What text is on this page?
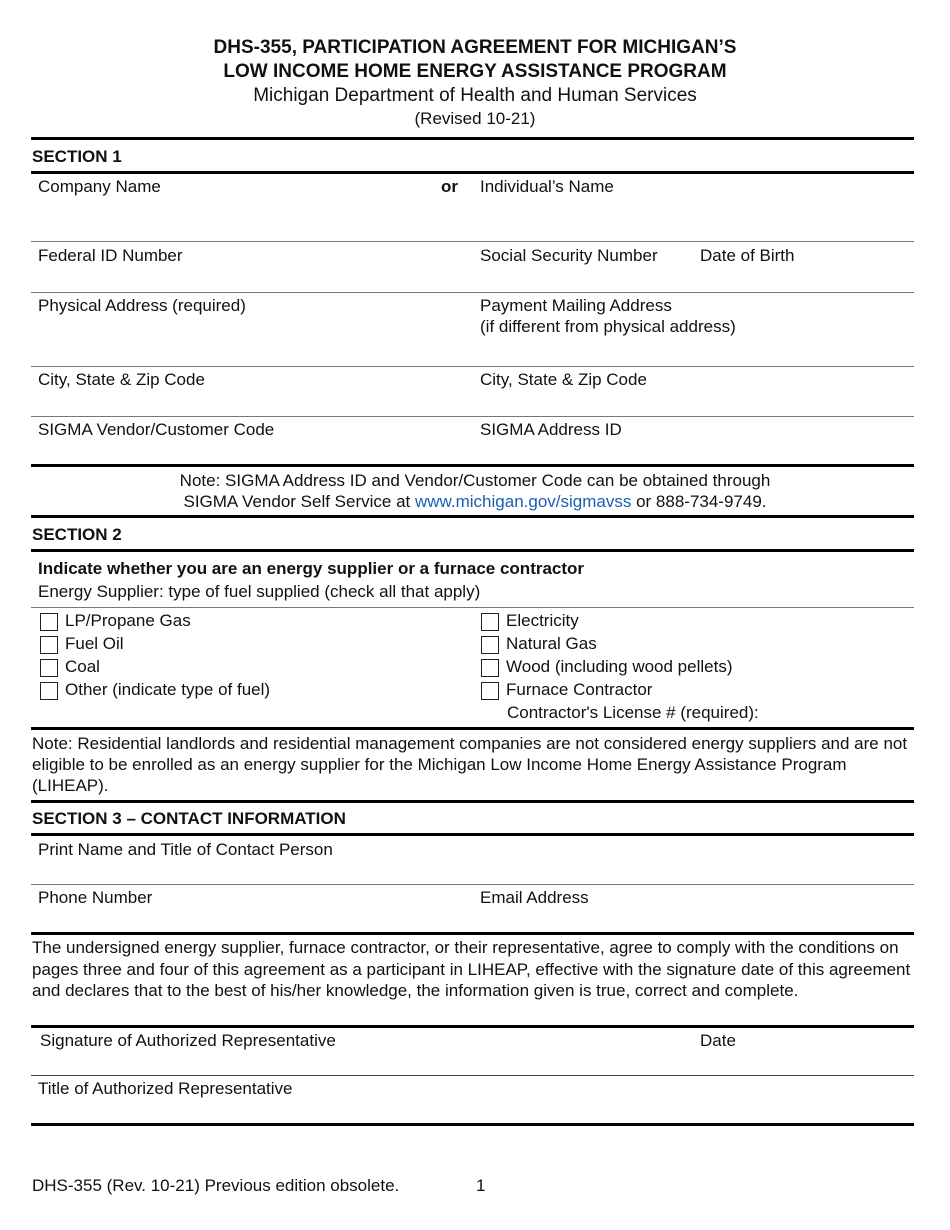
DHS-355, PARTICIPATION AGREEMENT FOR MICHIGAN’S
LOW INCOME HOME ENERGY ASSISTANCE PROGRAM
Michigan Department of Health and Human Services
(Revised 10-21)
SECTION 1
Company Name	or Individual’s Name
Federal ID Number	Social Security Number Date of Birth
Physical Address (required)	Payment Mailing Address
(if different from physical address)
City, State & Zip Code	City, State & Zip Code
SIGMA Vendor/Customer Code	SIGMA Address ID
Note: SIGMA Address ID and Vendor/Customer Code can be obtained through
SIGMA Vendor Self Service at www.michigan.gov/sigmavss or 888-734-9749.
SECTION 2
Indicate whether you are an energy supplier or a furnace contractor
Energy Supplier: type of fuel supplied (check all that apply)
LP/Propane Gas
Fuel Oil
Coal
Other (indicate type of fuel)
Electricity
Natural Gas
Wood (including wood pellets)
Furnace Contractor
Contractor's License # (required):
Note: Residential landlords and residential management companies are not considered energy suppliers and are not eligible to be enrolled as an energy supplier for the Michigan Low Income Home Energy Assistance Program (LIHEAP).
SECTION 3 – CONTACT INFORMATION
Print Name and Title of Contact Person
Phone Number	Email Address
The undersigned energy supplier, furnace contractor, or their representative, agree to comply with the conditions on pages three and four of this agreement as a participant in LIHEAP, effective with the signature date of this agreement and declares that to the best of his/her knowledge, the information given is true, correct and complete.
Signature of Authorized Representative	Date
Title of Authorized Representative
DHS-355 (Rev. 10-21) Previous edition obsolete.	1
